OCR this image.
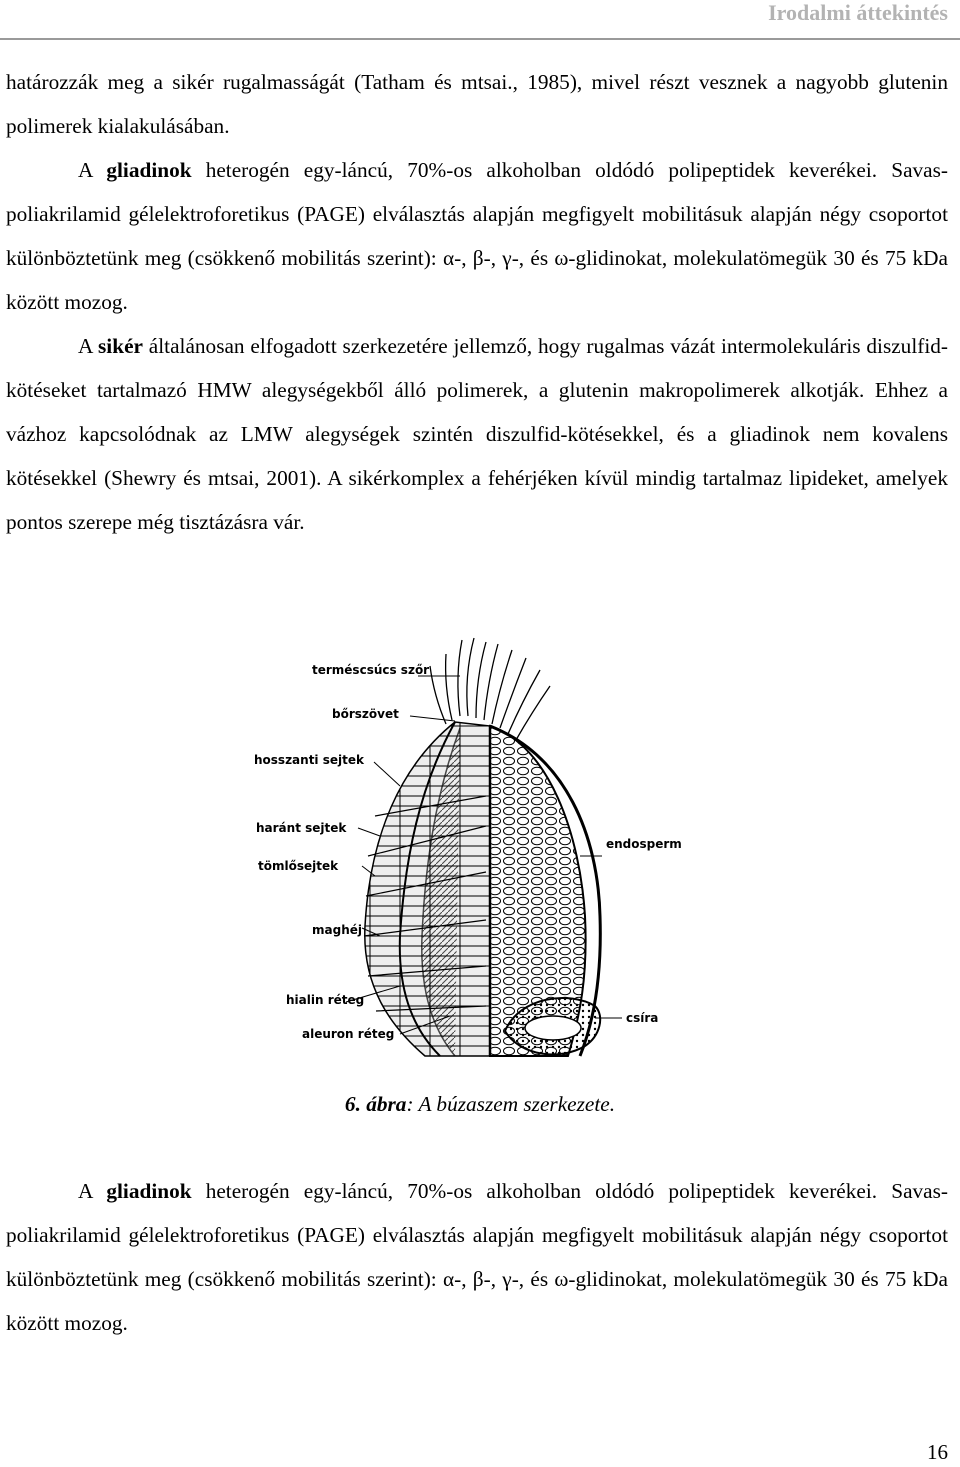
Irodalmi áttekintés

határozzák meg a sikér rugalmasságát (Tatham és mtsai., 1985), mivel részt vesznek a nagyobb glutenin polimerek kialakulásában.

A gliadinok heterogén egy-láncú, 70%-os alkoholban oldódó polipeptidek keverékei. Savas-poliakrilamid gélelektroforetikus (PAGE) elválasztás alapján megfigyelt mobilitásuk alapján négy csoportot különböztetünk meg (csökkenő mobilitás szerint): α-, β-, γ-, és ω-glidinokat, molekulatömegük 30 és 75 kDa között mozog.

A sikér általánosan elfogadott szerkezetére jellemző, hogy rugalmas vázát intermolekuláris diszulfid-kötéseket tartalmazó HMW alegységekből álló polimerek, a glutenin makropolimerek alkotják. Ehhez a vázhoz kapcsolódnak az LMW alegységek szintén diszulfid-kötésekkel, és a gliadinok nem kovalens kötésekkel (Shewry és mtsai, 2001). A sikérkomplex a fehérjéken kívül mindig tartalmaz lipideket, amelyek pontos szerepe még tisztázásra vár.

terméscsúcs szőr
bőrszövet
hosszanti sejtek
haránt sejtek
tömlősejtek
maghéj
hialin réteg
aleuron réteg
endosperm
csíra
6. ábra: A búzaszem szerkezete.

A gliadinok heterogén egy-láncú, 70%-os alkoholban oldódó polipeptidek keverékei. Savas-poliakrilamid gélelektroforetikus (PAGE) elválasztás alapján megfigyelt mobilitásuk alapján négy csoportot különböztetünk meg (csökkenő mobilitás szerint): α-, β-, γ-, és ω-glidinokat, molekulatömegük 30 és 75 kDa között mozog.

16
